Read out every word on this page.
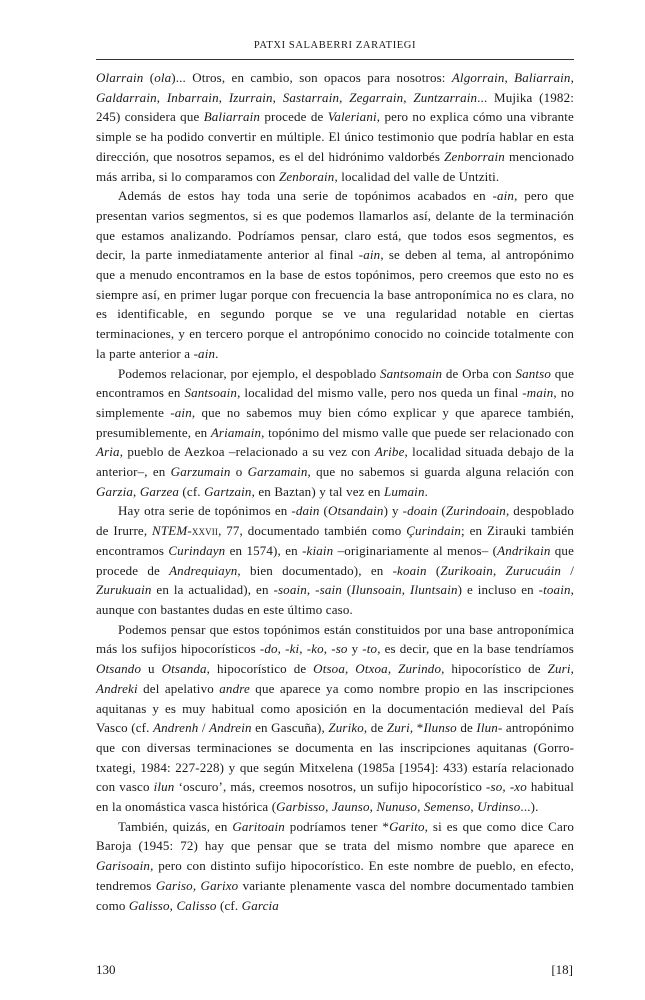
PATXI SALABERRI ZARATIEGI

Olarrain (ola)... Otros, en cambio, son opacos para nosotros: Algorrain, Baliarrain, Galdarrain, Inbarrain, Izurrain, Sastarrain, Zegarrain, Zuntzarrain... Mujika (1982: 245) considera que Baliarrain procede de Valeriani, pero no explica cómo una vibrante simple se ha podido convertir en múltiple. El único testimonio que podría hablar en esta dirección, que nosotros sepamos, es el del hidrónimo valdorbés Zenborrain mencionado más arriba, si lo comparamos con Zenborain, localidad del valle de Untziti.

Además de estos hay toda una serie de topónimos acabados en -ain, pero que presentan varios segmentos, si es que podemos llamarlos así, delante de la terminación que estamos analizando. Podríamos pensar, claro está, que todos esos segmentos, es decir, la parte inmediatamente anterior al final -ain, se deben al tema, al antropónimo que a menudo encontramos en la base de estos topónimos, pero creemos que esto no es siempre así, en primer lugar porque con frecuencia la base antroponímica no es clara, no es identificable, en segundo porque se ve una regularidad notable en ciertas terminaciones, y en tercero porque el antropónimo conocido no coincide totalmente con la parte anterior a -ain.

Podemos relacionar, por ejemplo, el despoblado Santsomain de Orba con Santso que encontramos en Santsoain, localidad del mismo valle, pero nos queda un final -main, no simplemente -ain, que no sabemos muy bien cómo explicar y que aparece también, presumiblemente, en Ariamain, topónimo del mismo valle que puede ser relacionado con Aria, pueblo de Aezkoa –relacionado a su vez con Aribe, localidad situada debajo de la anterior–, en Garzumain o Garzamain, que no sabemos si guarda alguna relación con Garzia, Garzea (cf. Gartzain, en Baztan) y tal vez en Lumain.

Hay otra serie de topónimos en -dain (Otsandain) y -doain (Zurindoain, despoblado de Irurre, NTEM-xxvii, 77, documentado también como Çurindain; en Zirauki también encontramos Curindayn en 1574), en -kiain –originariamente al menos– (Andrikain que procede de Andrequiayn, bien documentado), en -koain (Zurikoain, Zurucuáin / Zurukuain en la actualidad), en -soain, -sain (Ilunsoain, Iluntsain) e incluso en -toain, aunque con bastantes dudas en este último caso.

Podemos pensar que estos topónimos están constituidos por una base antroponímica más los sufijos hipocorísticos -do, -ki, -ko, -so y -to, es decir, que en la base tendríamos Otsando u Otsanda, hipocorístico de Otsoa, Otxoa, Zurindo, hipocorístico de Zuri, Andreki del apelativo andre que aparece ya como nombre propio en las inscripciones aquitanas y es muy habitual como aposición en la documentación medieval del País Vasco (cf. Andrenh / Andrein en Gascuña), Zuriko, de Zuri, *Ilunso de Ilun- antropónimo que con diversas terminaciones se documenta en las inscripciones aquitanas (Gorrotxategi, 1984: 227-228) y que según Mitxelena (1985a [1954]: 433) estaría relacionado con vasco ilun ‘oscuro’, más, creemos nosotros, un sufijo hipocorístico -so, -xo habitual en la onomástica vasca histórica (Garbisso, Jaunso, Nunuso, Semenso, Urdinso...).

También, quizás, en Garitoain podríamos tener *Garito, si es que como dice Caro Baroja (1945: 72) hay que pensar que se trata del mismo nombre que aparece en Garisoain, pero con distinto sufijo hipocorístico. En este nombre de pueblo, en efecto, tendremos Gariso, Garixo variante plenamente vasca del nombre documentado tambien como Galisso, Calisso (cf. Garcia

130	[18]
